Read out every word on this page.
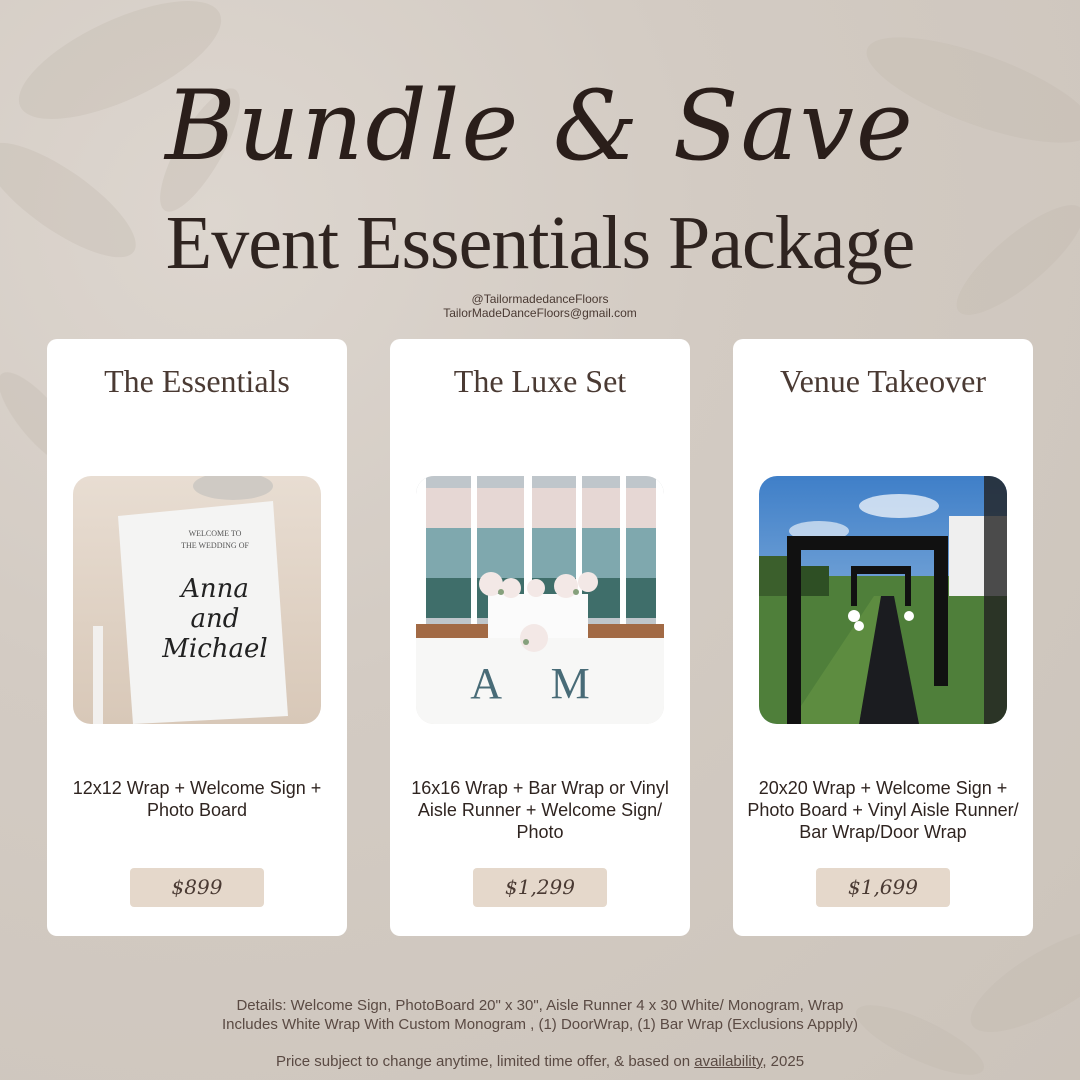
Bundle & Save
Event Essentials Package
@TailormadedanceFloors
TailorMadeDanceFloors@gmail.com
The Essentials
WELCOME TO
THE WEDDING OF
Anna and Michael
12x12 Wrap + Welcome Sign + Photo Board
$899
The Luxe Set
A M
16x16 Wrap + Bar Wrap or Vinyl Aisle Runner + Welcome Sign/ Photo
$1,299
Venue Takeover
20x20 Wrap + Welcome Sign + Photo Board + Vinyl Aisle Runner/ Bar Wrap/Door Wrap
$1,699
Details: Welcome Sign, PhotoBoard 20" x 30", Aisle Runner 4 x 30 White/ Monogram, Wrap
Includes White Wrap With Custom Monogram , (1) DoorWrap, (1) Bar Wrap (Exclusions Appply)
Price subject to change anytime, limited time offer, & based on availability, 2025
